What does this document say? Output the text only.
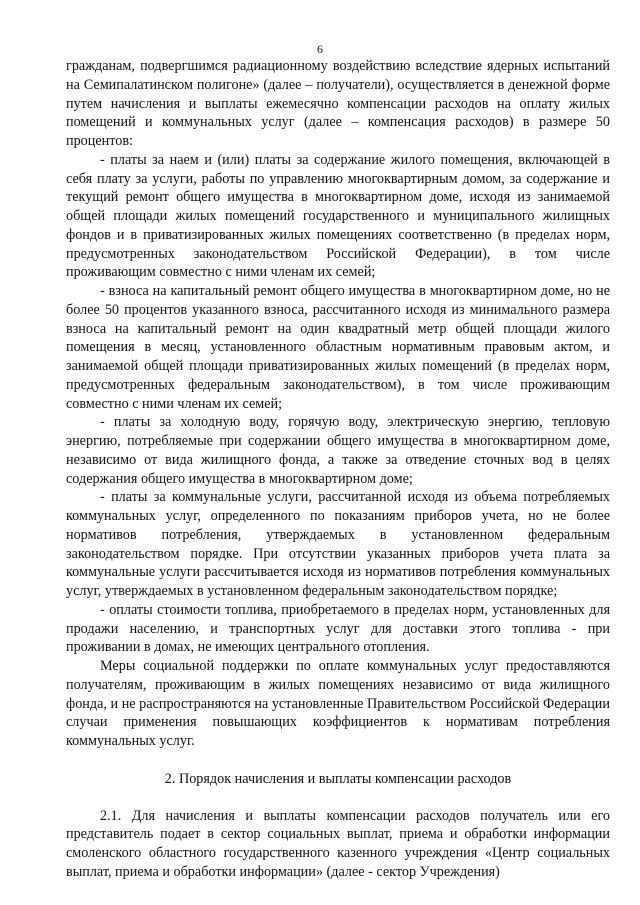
6

гражданам, подвергшимся радиационному воздействию вследствие ядерных испытаний на Семипалатинском полигоне» (далее – получатели), осуществляется в денежной форме путем начисления и выплаты ежемесячно компенсации расходов на оплату жилых помещений и коммунальных услуг (далее – компенсация расходов) в размере 50 процентов:

- платы за наем и (или) платы за содержание жилого помещения, включающей в себя плату за услуги, работы по управлению многоквартирным домом, за содержание и текущий ремонт общего имущества в многоквартирном доме, исходя из занимаемой общей площади жилых помещений государственного и муниципального жилищных фондов и в приватизированных жилых помещениях соответственно (в пределах норм, предусмотренных законодательством Российской Федерации), в том числе проживающим совместно с ними членам их семей;

- взноса на капитальный ремонт общего имущества в многоквартирном доме, но не более 50 процентов указанного взноса, рассчитанного исходя из минимального размера взноса на капитальный ремонт на один квадратный метр общей площади жилого помещения в месяц, установленного областным нормативным правовым актом, и занимаемой общей площади приватизированных жилых помещений (в пределах норм, предусмотренных федеральным законодательством), в том числе проживающим совместно с ними членам их семей;

- платы за холодную воду, горячую воду, электрическую энергию, тепловую энергию, потребляемые при содержании общего имущества в многоквартирном доме, независимо от вида жилищного фонда, а также за отведение сточных вод в целях содержания общего имущества в многоквартирном доме;

- платы за коммунальные услуги, рассчитанной исходя из объема потребляемых коммунальных услуг, определенного по показаниям приборов учета, но не более нормативов потребления, утверждаемых в установленном федеральным законодательством порядке. При отсутствии указанных приборов учета плата за коммунальные услуги рассчитывается исходя из нормативов потребления коммунальных услуг, утверждаемых в установленном федеральным законодательством порядке;

- оплаты стоимости топлива, приобретаемого в пределах норм, установленных для продажи населению, и транспортных услуг для доставки этого топлива - при проживании в домах, не имеющих центрального отопления.

Меры социальной поддержки по оплате коммунальных услуг предоставляются получателям, проживающим в жилых помещениях независимо от вида жилищного фонда, и не распространяются на установленные Правительством Российской Федерации случаи применения повышающих коэффициентов к нормативам потребления коммунальных услуг.

2. Порядок начисления и выплаты компенсации расходов

2.1. Для начисления и выплаты компенсации расходов получатель или его представитель подает в сектор социальных выплат, приема и обработки информации смоленского областного государственного казенного учреждения «Центр социальных выплат, приема и обработки информации» (далее - сектор Учреждения)
